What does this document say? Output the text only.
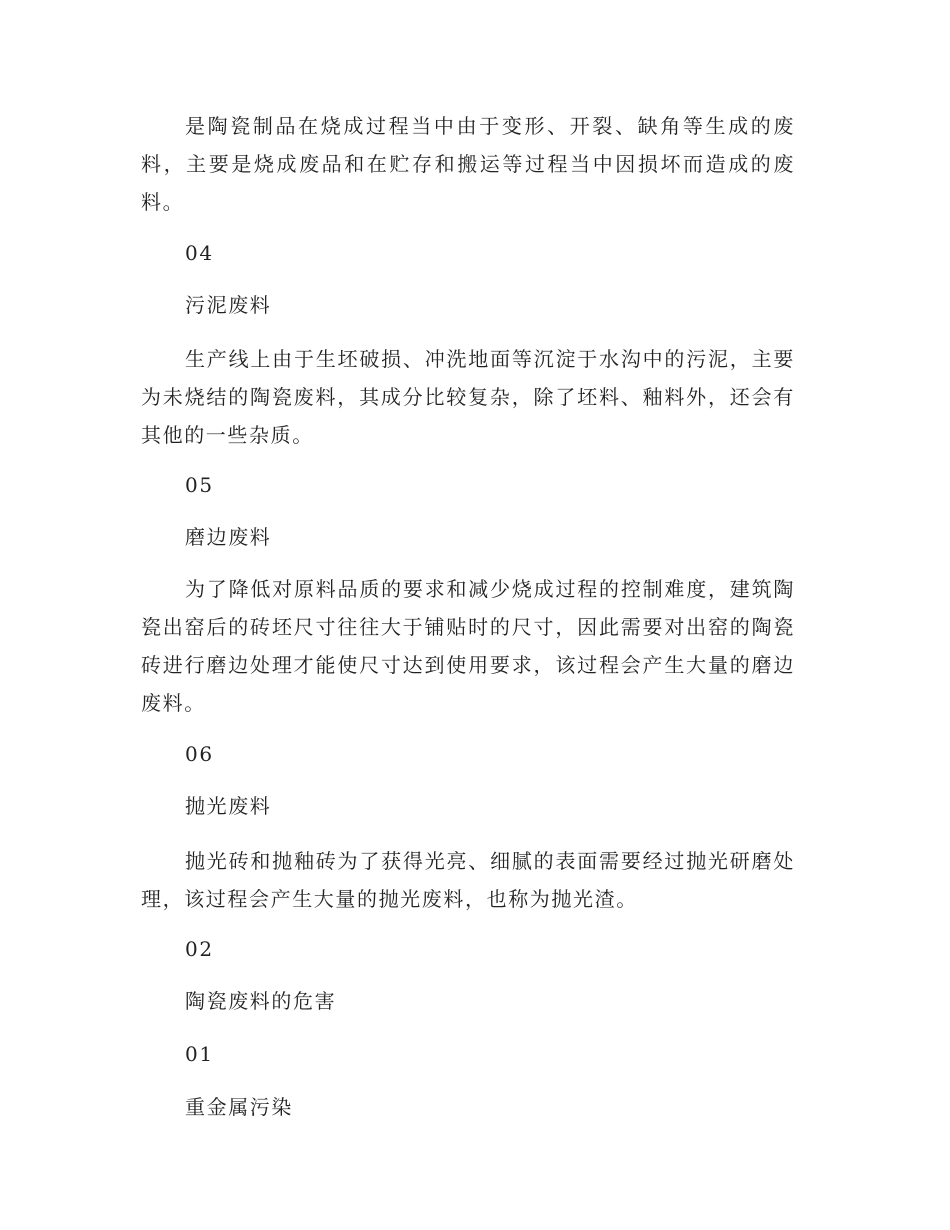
是陶瓷制品在烧成过程当中由于变形、开裂、缺角等生成的废料，主要是烧成废品和在贮存和搬运等过程当中因损坏而造成的废料。

04

污泥废料

生产线上由于生坯破损、冲洗地面等沉淀于水沟中的污泥，主要为未烧结的陶瓷废料，其成分比较复杂，除了坯料、釉料外，还会有其他的一些杂质。

05

磨边废料

为了降低对原料品质的要求和减少烧成过程的控制难度，建筑陶瓷出窑后的砖坯尺寸往往大于铺贴时的尺寸，因此需要对出窑的陶瓷砖进行磨边处理才能使尺寸达到使用要求，该过程会产生大量的磨边废料。

06

抛光废料

抛光砖和抛釉砖为了获得光亮、细腻的表面需要经过抛光研磨处理，该过程会产生大量的抛光废料，也称为抛光渣。

02

陶瓷废料的危害

01

重金属污染
